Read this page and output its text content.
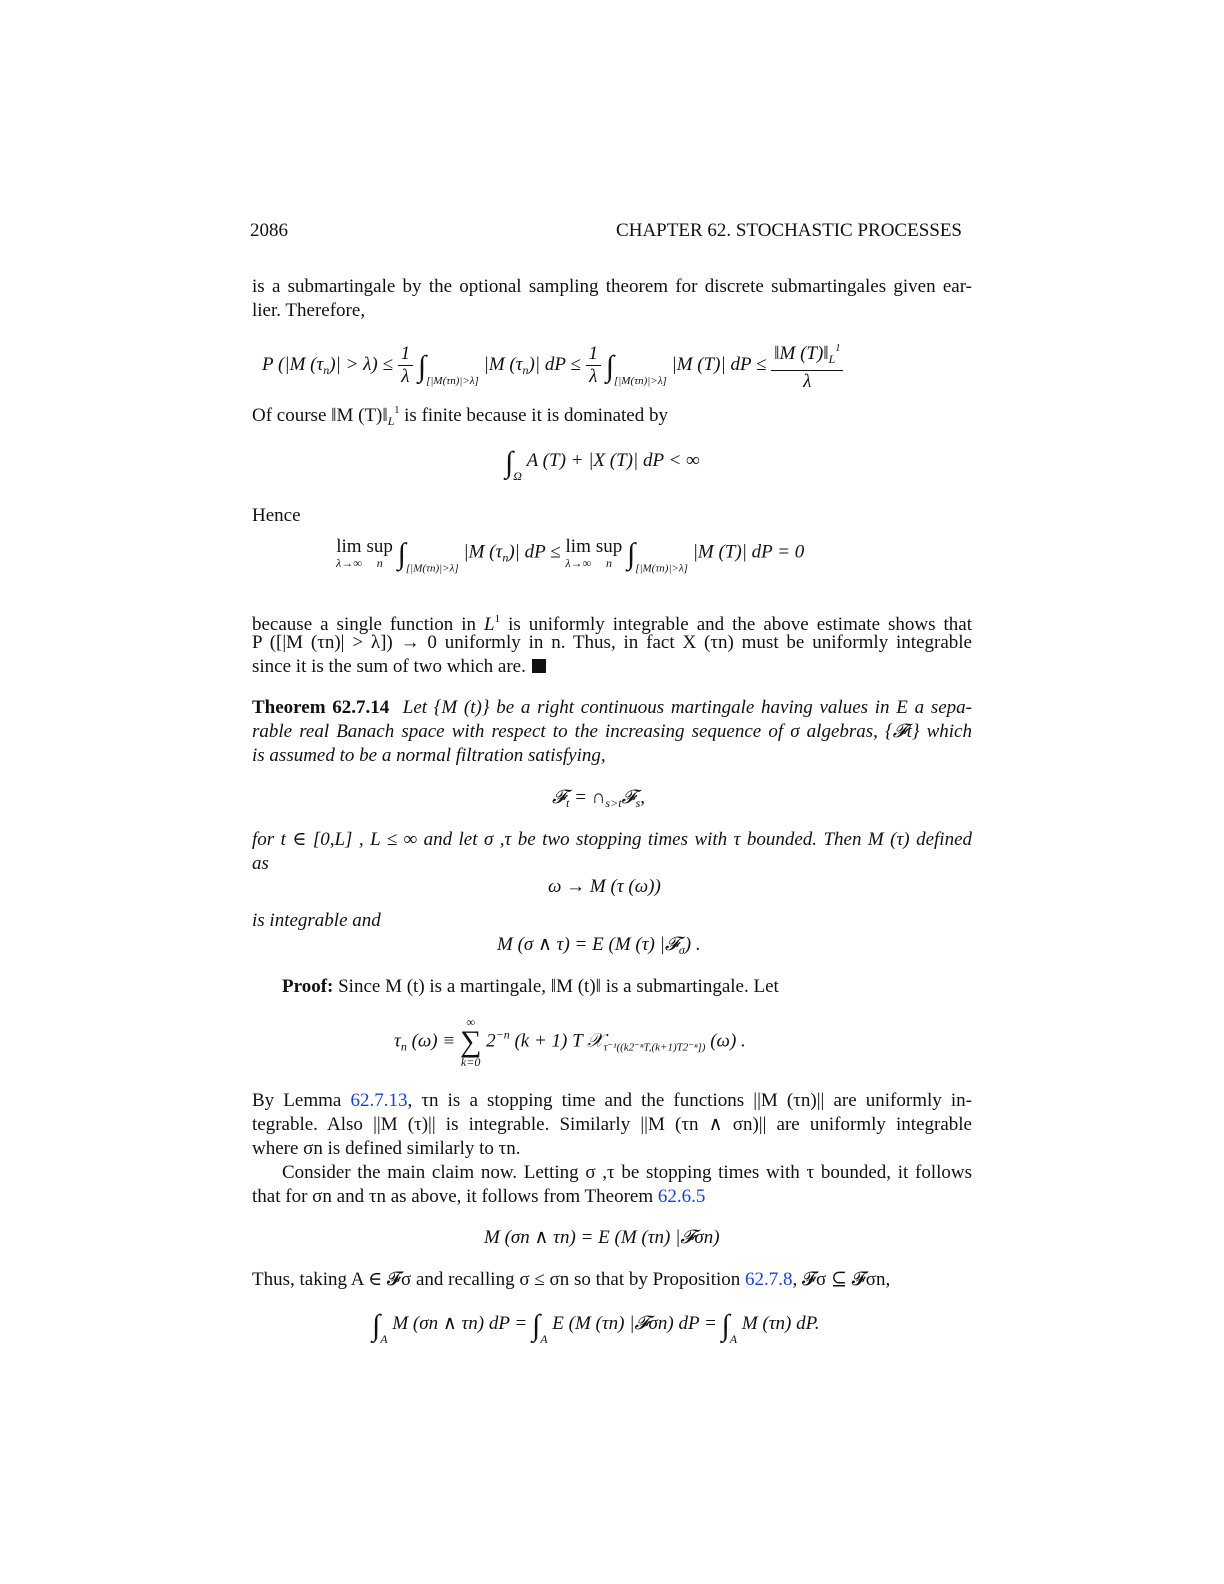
2086	CHAPTER 62. STOCHASTIC PROCESSES
is a submartingale by the optional sampling theorem for discrete submartingales given ear-
lier. Therefore,
P (|M $(\tau_n)| > \lambda) \le \frac{1}{\lambda} \int_{[|M(\tau n)|>\lambda]}$ |M $(\tau_n)|$ dP ≤ $\frac{1}{\lambda} \int_{[|M(\tau n)|>\lambda]}$ |M (T)| dP ≤ $\frac{‖M (T)‖_L^1}{\lambda}$
Of course ‖M $(T)‖_L^1$ is finite because it is dominated by
$\int_\Omega$ A (T) + |X (T)| dP < ∞
Hence
lim
λ→∞
sup
n $\int_{[|M(\tau n)|>\lambda]}$ |M $(\tau_n)|$ dP ≤ lim
λ→∞
sup
n $\int_{[|M(\tau n)|>\lambda]}$ |M (T)| dP = 0
because a single function in $L^1$ is uniformly integrable and the above estimate shows that
P ([|M (τn)| > λ]) → 0 uniformly in n. Thus, in fact X (τn) must be uniformly integrable
since it is the sum of two which are.
Theorem 62.7.14 Let {M (t)} be a right continuous martingale having values in E a sepa-
rable real Banach space with respect to the increasing sequence of σ algebras, {𝓕t} which
is assumed to be a normal filtration satisfying,
𝓕$_t$ = $\cap_{s>t}𝓕_s$,
for t ∈ [0,L] , L ≤ ∞ and let σ ,τ be two stopping times with τ bounded. Then M (τ) defined
as
ω → M (τ (ω))
is integrable and
M (σ ∧ τ) = E (M (τ) |𝓕$_\sigma$) .
Proof: Since M (t) is a martingale, ‖M (t)‖ is a submartingale. Let
$\tau_n$ (ω) ≡
∞
∑
k=0
$2^{-n}$ (k + 1) T 𝒳$_{\tau^{-1}((k2^{-n}T,(k+1)T2^{-n}])}$ (ω) .
By Lemma 62.7.13, τn is a stopping time and the functions ||M (τn)|| are uniformly in-
tegrable. Also ||M (τ)|| is integrable. Similarly ||M (τn ∧ σn)|| are uniformly integrable
where σn is defined similarly to τn.
Consider the main claim now. Letting σ ,τ be stopping times with τ bounded, it follows
that for σn and τn as above, it follows from Theorem 62.6.5
M (σn ∧ τn) = E (M (τn) |𝓕σn)
Thus, taking A ∈ 𝓕σ and recalling σ ≤ σn so that by Proposition 62.7.8, 𝓕σ ⊆ 𝓕σn,
$\int_A$ M (σn ∧ τn) dP = $\int_A$ E (M (τn) |𝓕σn) dP = $\int_A$ M (τn) dP.
